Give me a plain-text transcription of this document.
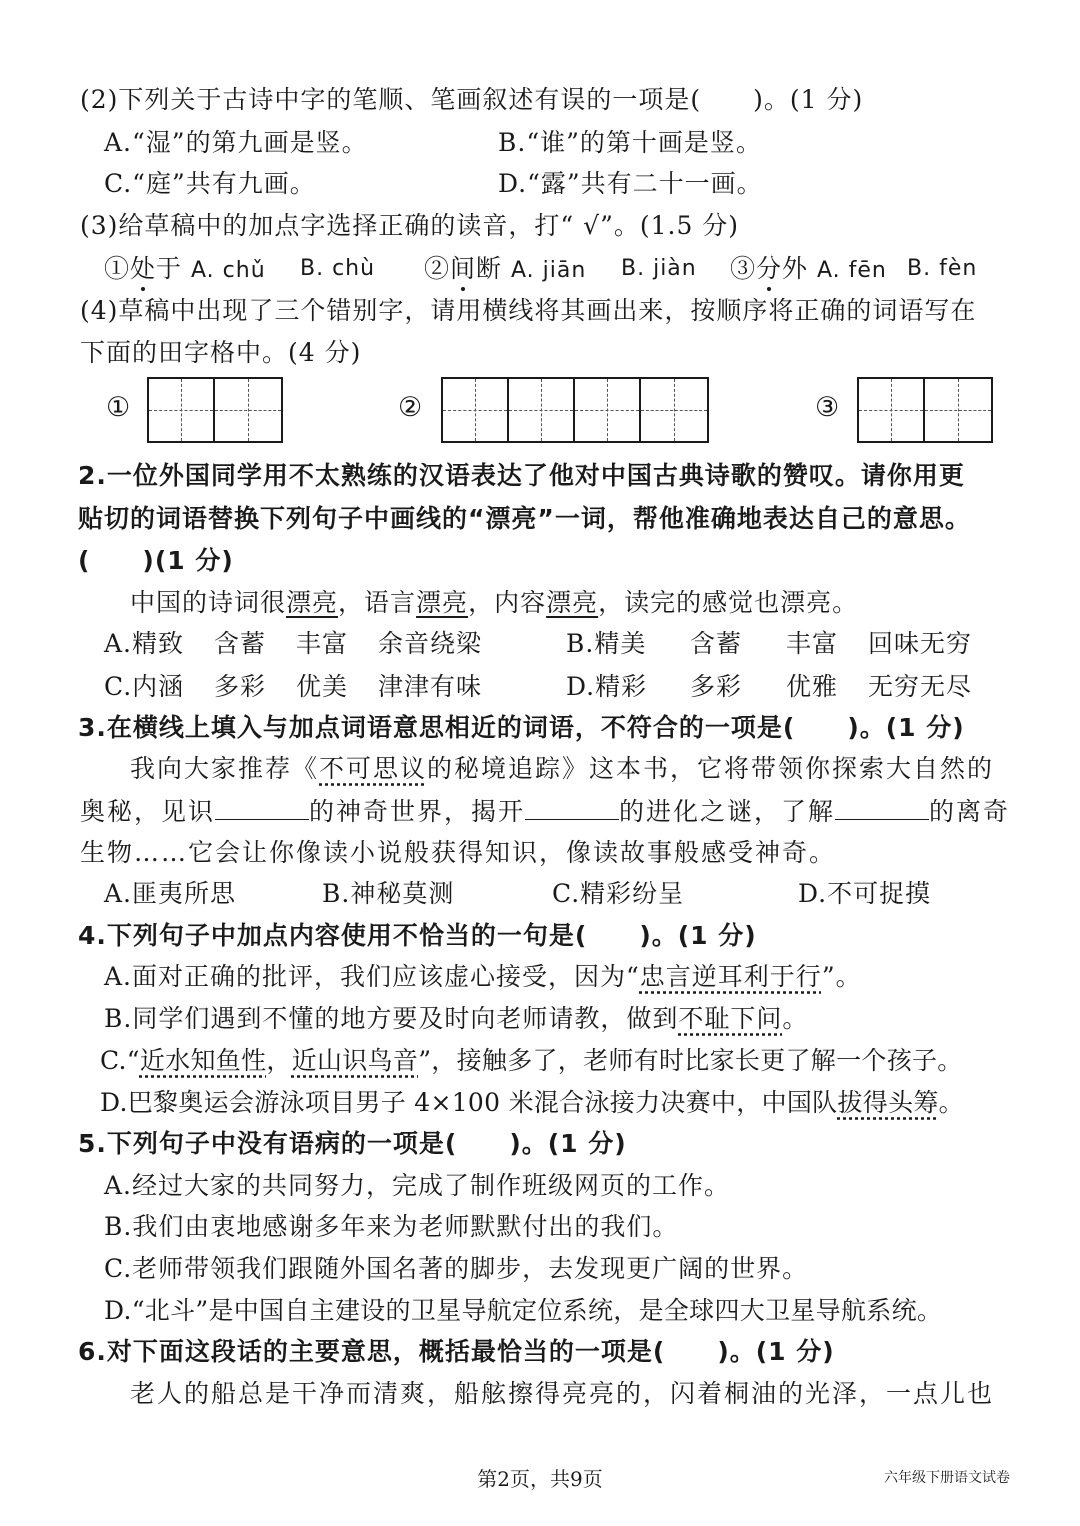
(2)下列关于古诗中字的笔顺、笔画叙述有误的一项是(　　)。(1 分)
A.“湿”的第九画是竖。	B.“谁”的第十画是竖。
C.“庭”共有九画。	D.“露”共有二十一画。
(3)给草稿中的加点字选择正确的读音，打“ √”。(1.5 分)
①处于 A. chǔ B. chù ②间断 A. jiān B. jiàn ③分外 A. fēn B. fèn
(4)草稿中出现了三个错别字，请用横线将其画出来，按顺序将正确的词语写在
下面的田字格中。(4 分)
①	②	③
2.一位外国同学用不太熟练的汉语表达了他对中国古典诗歌的赞叹。请你用更
贴切的词语替换下列句子中画线的“漂亮”一词，帮他准确地表达自己的意思。
(　　)(1 分)
中国的诗词很漂亮，语言漂亮，内容漂亮，读完的感觉也漂亮。
A.精致 含蓄 丰富 余音绕梁	B.精美 含蓄 丰富 回味无穷
C.内涵 多彩 优美 津津有味	D.精彩 多彩 优雅 无穷无尽
3.在横线上填入与加点词语意思相近的词语，不符合的一项是(　　)。(1 分)
我向大家推荐《不可思议的秘境追踪》这本书，它将带领你探索大自然的
奥秘，见识	的神奇世界，揭开	的进化之谜，了解	的离奇
生物……它会让你像读小说般获得知识，像读故事般感受神奇。
A.匪夷所思	B.神秘莫测	C.精彩纷呈	D.不可捉摸
4.下列句子中加点内容使用不恰当的一句是(　　)。(1 分)
A.面对正确的批评，我们应该虚心接受，因为“忠言逆耳利于行”。
B.同学们遇到不懂的地方要及时向老师请教，做到不耻下问。
C.“近水知鱼性，近山识鸟音”，接触多了，老师有时比家长更了解一个孩子。
D.巴黎奥运会游泳项目男子 4×100 米混合泳接力决赛中，中国队拔得头筹。
5.下列句子中没有语病的一项是(　　)。(1 分)
A.经过大家的共同努力，完成了制作班级网页的工作。
B.我们由衷地感谢多年来为老师默默付出的我们。
C.老师带领我们跟随外国名著的脚步，去发现更广阔的世界。
D.“北斗”是中国自主建设的卫星导航定位系统，是全球四大卫星导航系统。
6.对下面这段话的主要意思，概括最恰当的一项是(　　)。(1 分)
老人的船总是干净而清爽，船舷擦得亮亮的，闪着桐油的光泽，一点儿也
第2页，共9页	六年级下册语文试卷
